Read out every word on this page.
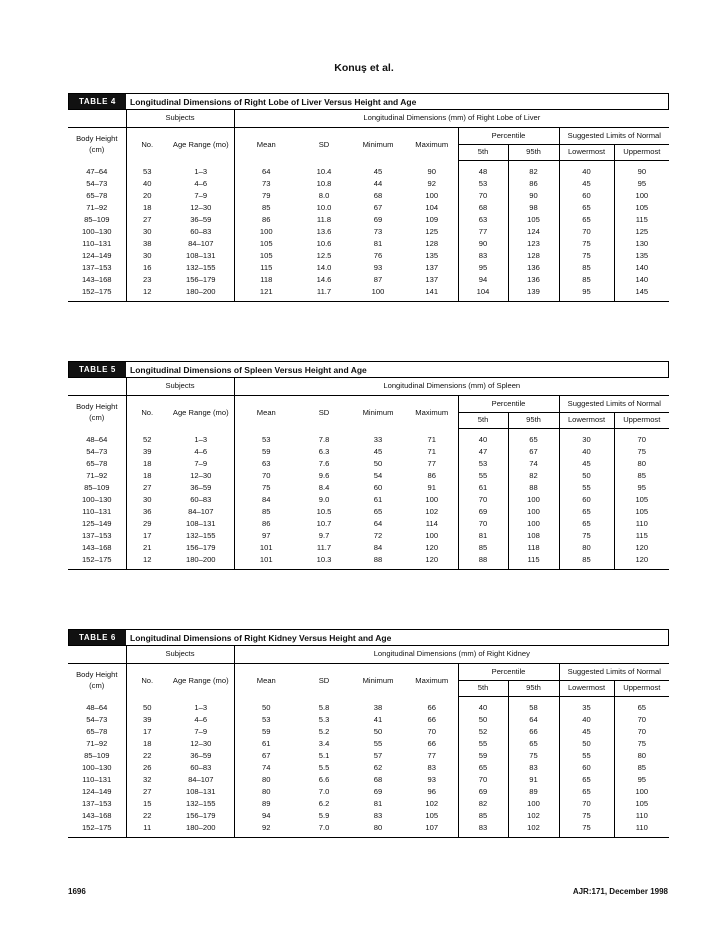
Konuş et al.
TABLE 4	Longitudinal Dimensions of Right Lobe of Liver Versus Height and Age
	Subjects		Longitudinal Dimensions (mm) of Right Lobe of Liver							
Body Height (cm)	No.	Age Range (mo)	Mean	SD	Minimum	Maximum	Percentile		Suggested Limits of Normal	
							5th	95th	Lowermost	Uppermost
47–64	53	1–3	64	10.4	45	90	48	82	40	90
54–73	40	4–6	73	10.8	44	92	53	86	45	95
65–78	20	7–9	79	8.0	68	100	70	90	60	100
71–92	18	12–30	85	10.0	67	104	68	98	65	105
85–109	27	36–59	86	11.8	69	109	63	105	65	115
100–130	30	60–83	100	13.6	73	125	77	124	70	125
110–131	38	84–107	105	10.6	81	128	90	123	75	130
124–149	30	108–131	105	12.5	76	135	83	128	75	135
137–153	16	132–155	115	14.0	93	137	95	136	85	140
143–168	23	156–179	118	14.6	87	137	94	136	85	140
152–175	12	180–200	121	11.7	100	141	104	139	95	145
TABLE 5	Longitudinal Dimensions of Spleen Versus Height and Age
	Subjects		Longitudinal Dimensions (mm) of Spleen							
Body Height (cm)	No.	Age Range (mo)	Mean	SD	Minimum	Maximum	Percentile		Suggested Limits of Normal	
							5th	95th	Lowermost	Uppermost
48–64	52	1–3	53	7.8	33	71	40	65	30	70
54–73	39	4–6	59	6.3	45	71	47	67	40	75
65–78	18	7–9	63	7.6	50	77	53	74	45	80
71–92	18	12–30	70	9.6	54	86	55	82	50	85
85–109	27	36–59	75	8.4	60	91	61	88	55	95
100–130	30	60–83	84	9.0	61	100	70	100	60	105
110–131	36	84–107	85	10.5	65	102	69	100	65	105
125–149	29	108–131	86	10.7	64	114	70	100	65	110
137–153	17	132–155	97	9.7	72	100	81	108	75	115
143–168	21	156–179	101	11.7	84	120	85	118	80	120
152–175	12	180–200	101	10.3	88	120	88	115	85	120
TABLE 6	Longitudinal Dimensions of Right Kidney Versus Height and Age
	Subjects		Longitudinal Dimensions (mm) of Right Kidney							
Body Height (cm)	No.	Age Range (mo)	Mean	SD	Minimum	Maximum	Percentile		Suggested Limits of Normal	
							5th	95th	Lowermost	Uppermost
48–64	50	1–3	50	5.8	38	66	40	58	35	65
54–73	39	4–6	53	5.3	41	66	50	64	40	70
65–78	17	7–9	59	5.2	50	70	52	66	45	70
71–92	18	12–30	61	3.4	55	66	55	65	50	75
85–109	22	36–59	67	5.1	57	77	59	75	55	80
100–130	26	60–83	74	5.5	62	83	65	83	60	85
110–131	32	84–107	80	6.6	68	93	70	91	65	95
124–149	27	108–131	80	7.0	69	96	69	89	65	100
137–153	15	132–155	89	6.2	81	102	82	100	70	105
143–168	22	156–179	94	5.9	83	105	85	102	75	110
152–175	11	180–200	92	7.0	80	107	83	102	75	110
1696	AJR:171, December 1998
